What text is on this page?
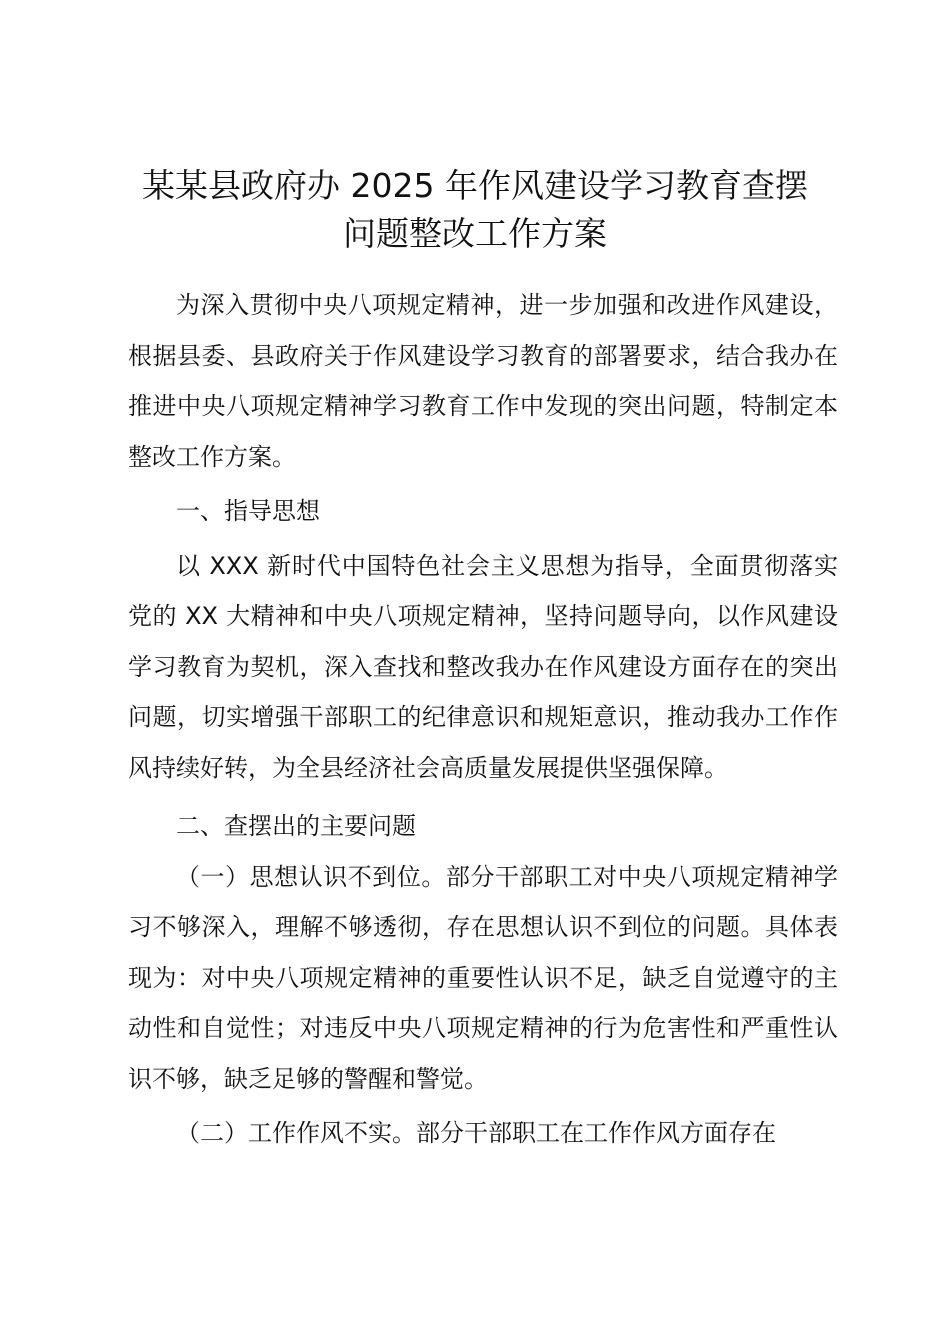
某某县政府办 2025 年作风建设学习教育查摆
问题整改工作方案

为深入贯彻中央八项规定精神，进一步加强和改进作风建设，根据县委、县政府关于作风建设学习教育的部署要求，结合我办在推进中央八项规定精神学习教育工作中发现的突出问题，特制定本整改工作方案。

一、指导思想

以 XXX 新时代中国特色社会主义思想为指导，全面贯彻落实党的 XX 大精神和中央八项规定精神，坚持问题导向，以作风建设学习教育为契机，深入查找和整改我办在作风建设方面存在的突出问题，切实增强干部职工的纪律意识和规矩意识，推动我办工作作风持续好转，为全县经济社会高质量发展提供坚强保障。

二、查摆出的主要问题

（一）思想认识不到位。部分干部职工对中央八项规定精神学习不够深入，理解不够透彻，存在思想认识不到位的问题。具体表现为：对中央八项规定精神的重要性认识不足，缺乏自觉遵守的主动性和自觉性；对违反中央八项规定精神的行为危害性和严重性认识不够，缺乏足够的警醒和警觉。

（二）工作作风不实。部分干部职工在工作作风方面存在
